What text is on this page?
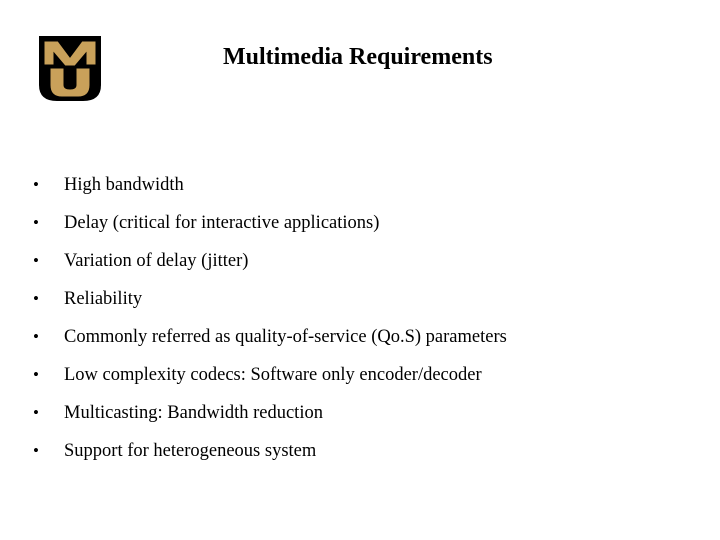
Multimedia Requirements
•	High bandwidth
•	Delay (critical for interactive applications)
•	Variation of delay (jitter)
•	Reliability
•	Commonly referred as quality-of-service (Qo.S) parameters
•	Low complexity codecs: Software only encoder/decoder
•	Multicasting: Bandwidth reduction
•	Support for heterogeneous system
